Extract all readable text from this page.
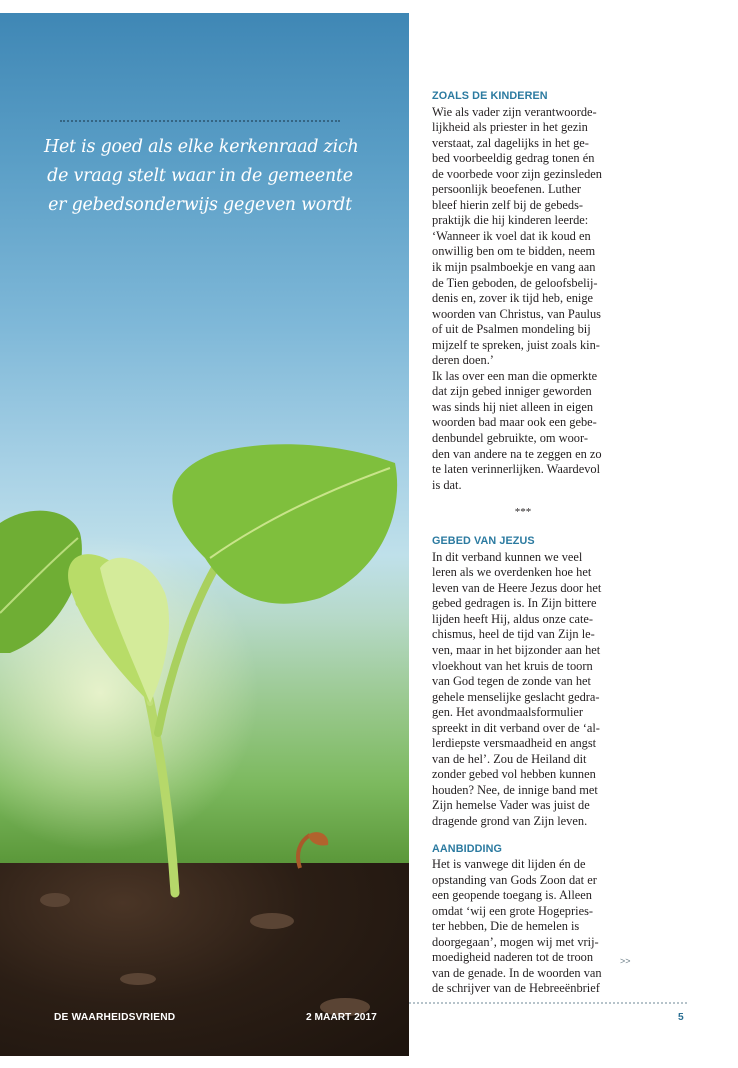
Het is goed als elke kerkenraad zich
de vraag stelt waar in de gemeente
er gebedsonderwijs gegeven wordt

ZOALS DE KINDEREN
Wie als vader zijn verantwoorde-
lijkheid als priester in het gezin
verstaat, zal dagelijks in het ge-
bed voorbeeldig gedrag tonen én
de voorbede voor zijn gezinsleden
persoonlijk beoefenen. Luther
bleef hierin zelf bij de gebeds-
praktijk die hij kinderen leerde:
‘Wanneer ik voel dat ik koud en
onwillig ben om te bidden, neem
ik mijn psalmboekje en vang aan
de Tien geboden, de geloofsbelij-
denis en, zover ik tijd heb, enige
woorden van Christus, van Paulus
of uit de Psalmen mondeling bij
mijzelf te spreken, juist zoals kin-
deren doen.’
Ik las over een man die opmerkte
dat zijn gebed inniger geworden
was sinds hij niet alleen in eigen
woorden bad maar ook een gebe-
denbundel gebruikte, om woor-
den van andere na te zeggen en zo
te laten verinnerlijken. Waardevol
is dat.
***
GEBED VAN JEZUS
In dit verband kunnen we veel
leren als we overdenken hoe het
leven van de Heere Jezus door het
gebed gedragen is. In Zijn bittere
lijden heeft Hij, aldus onze cate-
chismus, heel de tijd van Zijn le-
ven, maar in het bijzonder aan het
vloekhout van het kruis de toorn
van God tegen de zonde van het
gehele menselijke geslacht gedra-
gen. Het avondmaalsformulier
spreekt in dit verband over de ‘al-
lerdiepste versmaadheid en angst
van de hel’. Zou de Heiland dit
zonder gebed vol hebben kunnen
houden? Nee, de innige band met
Zijn hemelse Vader was juist de
dragende grond van Zijn leven.
AANBIDDING
Het is vanwege dit lijden én de
opstanding van Gods Zoon dat er
een geopende toegang is. Alleen
omdat ‘wij een grote Hogepries-
ter hebben, Die de hemelen is
doorgegaan’, mogen wij met vrij-
moedigheid naderen tot de troon
van de genade. In de woorden van
de schrijver van de Hebreeënbrief
>>

DE WAARHEIDSVRIEND	2 MAART 2017	5
